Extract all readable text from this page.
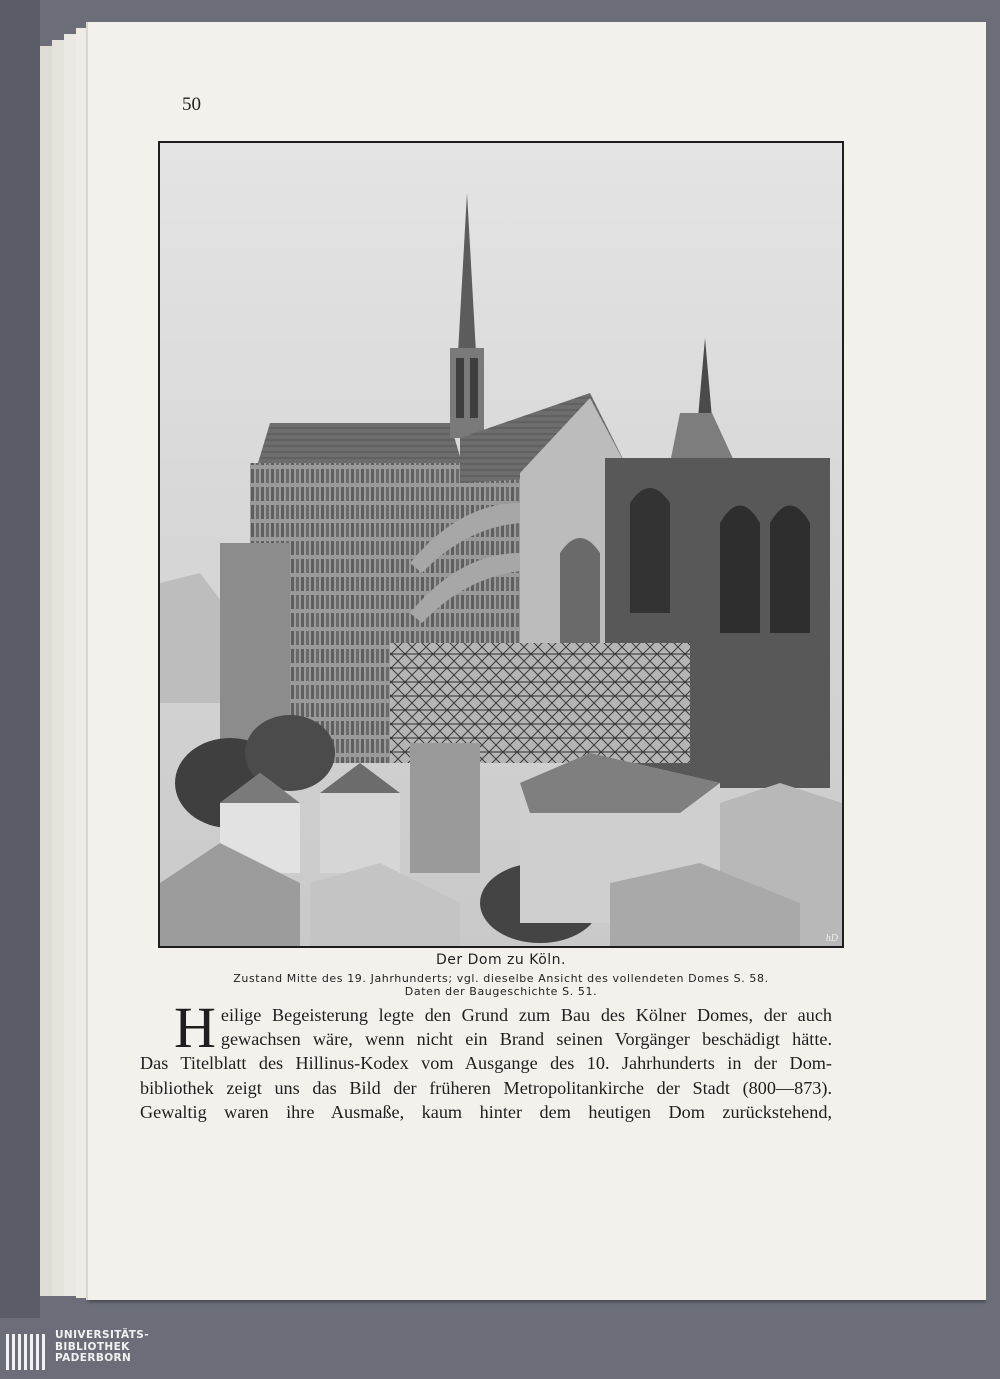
50
hD
Der Dom zu Köln.
Zustand Mitte des 19. Jahrhunderts; vgl. dieselbe Ansicht des vollendeten Domes S. 58.
Daten der Baugeschichte S. 51.
H eilige Begeisterung legte den Grund zum Bau des Kölner Domes, der auch
gewachsen wäre, wenn nicht ein Brand seinen Vorgänger beschädigt hätte.
Das Titelblatt des Hillinus-Kodex vom Ausgange des 10. Jahrhunderts in der Dom-
bibliothek zeigt uns das Bild der früheren Metropolitankirche der Stadt (800—873).
Gewaltig waren ihre Ausmaße, kaum hinter dem heutigen Dom zurückstehend,
UNIVERSITÄTS-
BIBLIOTHEK
PADERBORN
